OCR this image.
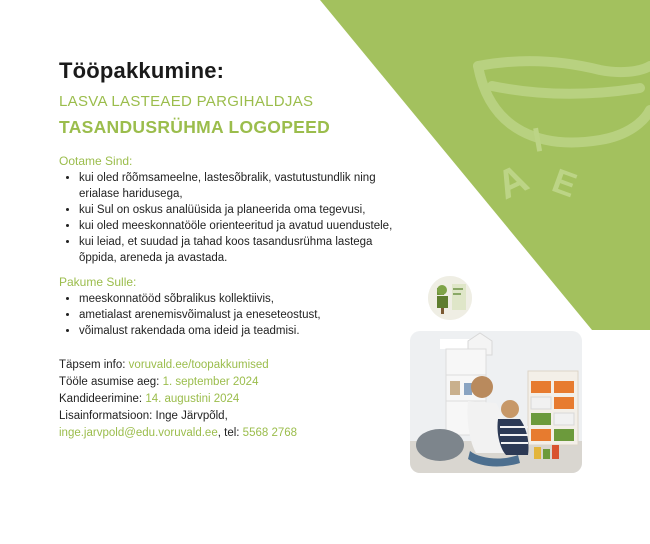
I
A E
Tööpakkumine:
LASVA LASTEAED PARGIHALDJAS
TASANDUSRÜHMA LOGOPEED
Ootame Sind:
• kui oled rõõmsameelne, lastesõbralik, vastutustundlik ning erialase haridusega,
• kui Sul on oskus analüüsida ja planeerida oma tegevusi,
• kui oled meeskonnatööle orienteeritud ja avatud uuendustele,
• kui leiad, et suudad ja tahad koos tasandusrühma lastega õppida, areneda ja avastada.
Pakume Sulle:
• meeskonnatööd sõbralikus kollektiivis,
• ametialast arenemisvõimalust ja eneseteostust,
• võimalust rakendada oma ideid ja teadmisi.
Täpsem info: voruvald.ee/toopakkumised
Tööle asumise aeg: 1. september 2024
Kandideerimine: 14. augustini 2024
Lisainformatsioon: Inge Järvpõld,
inge.jarvpold@edu.voruvald.ee, tel: 5568 2768
